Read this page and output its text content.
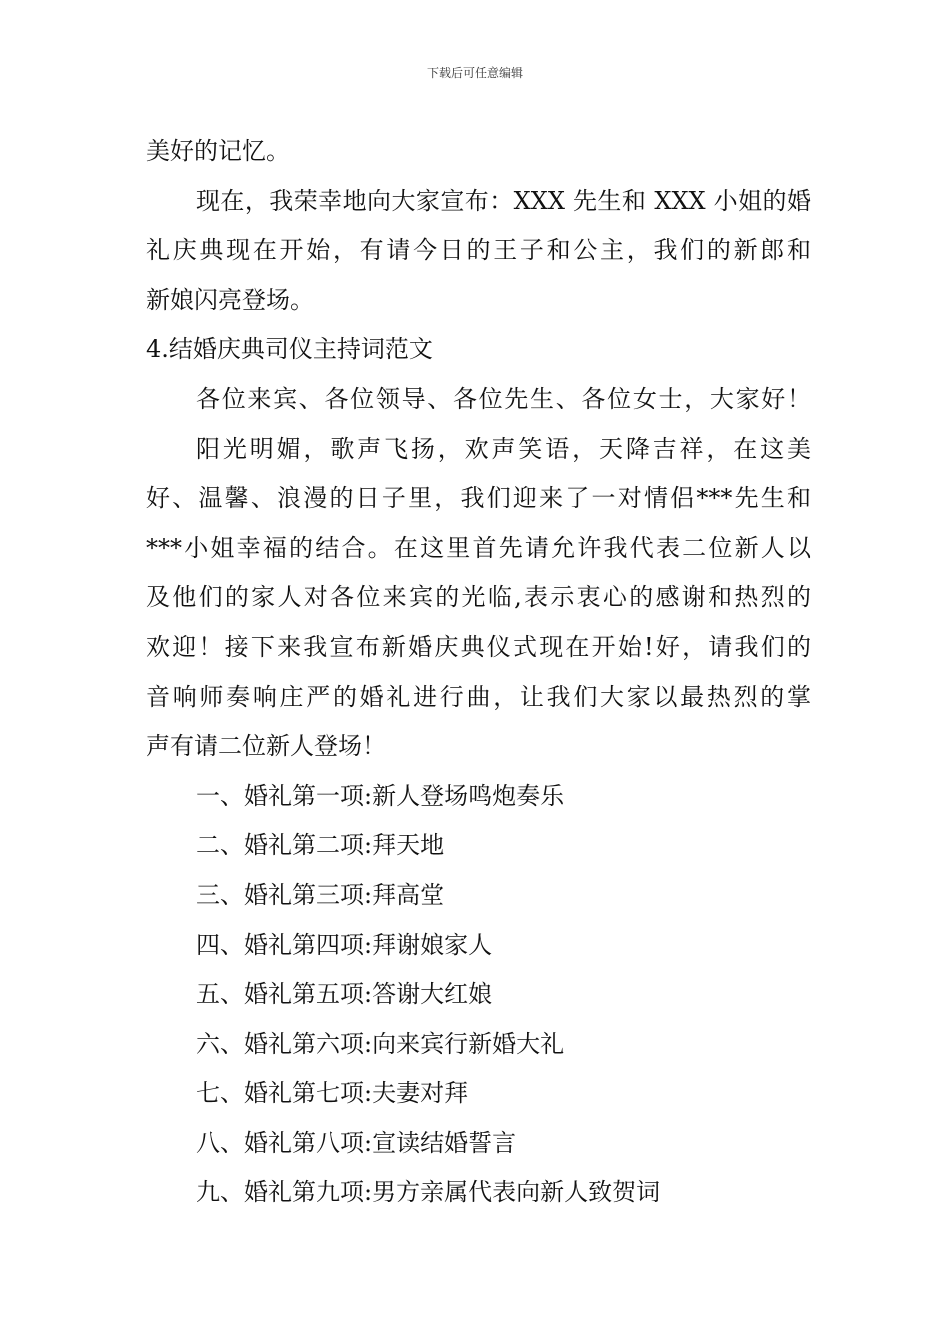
下载后可任意编辑
美好的记忆。
现在，我荣幸地向大家宣布：XXX 先生和 XXX 小姐的婚
礼庆典现在开始，有请今日的王子和公主，我们的新郎和
新娘闪亮登场。
4.结婚庆典司仪主持词范文
各位来宾、各位领导、各位先生、各位女士，大家好！
阳光明媚，歌声飞扬，欢声笑语，天降吉祥，在这美
好、温馨、浪漫的日子里，我们迎来了一对情侣***先生和
***小姐幸福的结合。在这里首先请允许我代表二位新人以
及他们的家人对各位来宾的光临,表示衷心的感谢和热烈的
欢迎！接下来我宣布新婚庆典仪式现在开始!好，请我们的
音响师奏响庄严的婚礼进行曲，让我们大家以最热烈的掌
声有请二位新人登场！
一、婚礼第一项:新人登场鸣炮奏乐
二、婚礼第二项:拜天地
三、婚礼第三项:拜高堂
四、婚礼第四项:拜谢娘家人
五、婚礼第五项:答谢大红娘
六、婚礼第六项:向来宾行新婚大礼
七、婚礼第七项:夫妻对拜
八、婚礼第八项:宣读结婚誓言
九、婚礼第九项:男方亲属代表向新人致贺词
